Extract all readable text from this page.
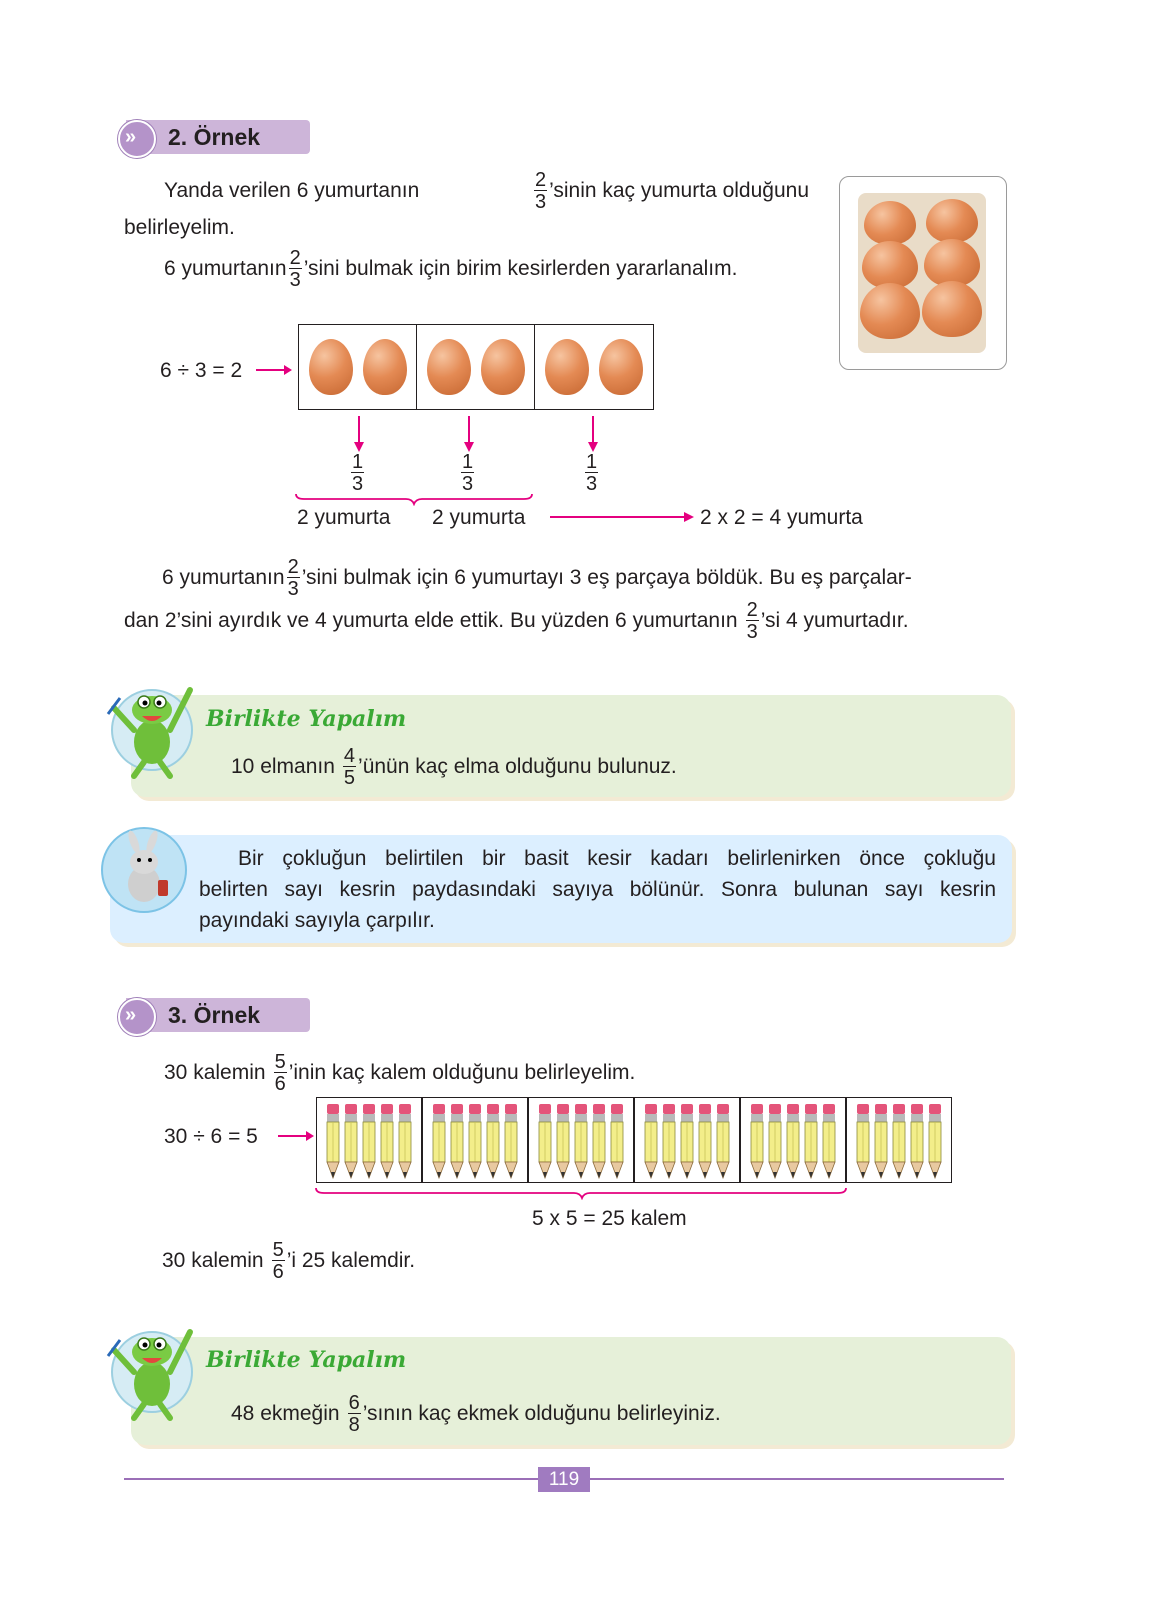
» 2. Örnek
Yanda verilen 6 yumurtanın	$\frac{2}{3}$ ’sinin kaç yumurta olduğunu
belirleyelim.
6 yumurtanın $\frac{2}{3}$ ’sini bulmak için birim kesirlerden yararlanalım.
6 ÷ 3 = 2
$\frac{1}{3}$	$\frac{1}{3}$	$\frac{1}{3}$
2 yumurta 2 yumurta	2 x 2 = 4 yumurta
6 yumurtanın $\frac{2}{3}$ ’sini bulmak için 6 yumurtayı 3 eş parçaya böldük. Bu eş parçalar-
dan 2’sini ayırdık ve 4 yumurta elde ettik. Bu yüzden 6 yumurtanın $\frac{2}{3}$ ’si 4 yumurtadır.
Birlikte Yapalım
10 elmanın $\frac{4}{5}$ ’ünün kaç elma olduğunu bulunuz.
Bir çokluğun belirtilen bir basit kesir kadarı belirlenirken önce çokluğu
belirten sayı kesrin paydasındaki sayıya bölünür. Sonra bulunan sayı kesrin
payındaki sayıyla çarpılır.
» 3. Örnek
30 kalemin $\frac{5}{6}$ ’inin kaç kalem olduğunu belirleyelim.
30 ÷ 6 = 5
5 x 5 = 25 kalem
30 kalemin $\frac{5}{6}$ ’i 25 kalemdir.
Birlikte Yapalım
48 ekmeğin $\frac{6}{8}$ ’sının kaç ekmek olduğunu belirleyiniz.
119
